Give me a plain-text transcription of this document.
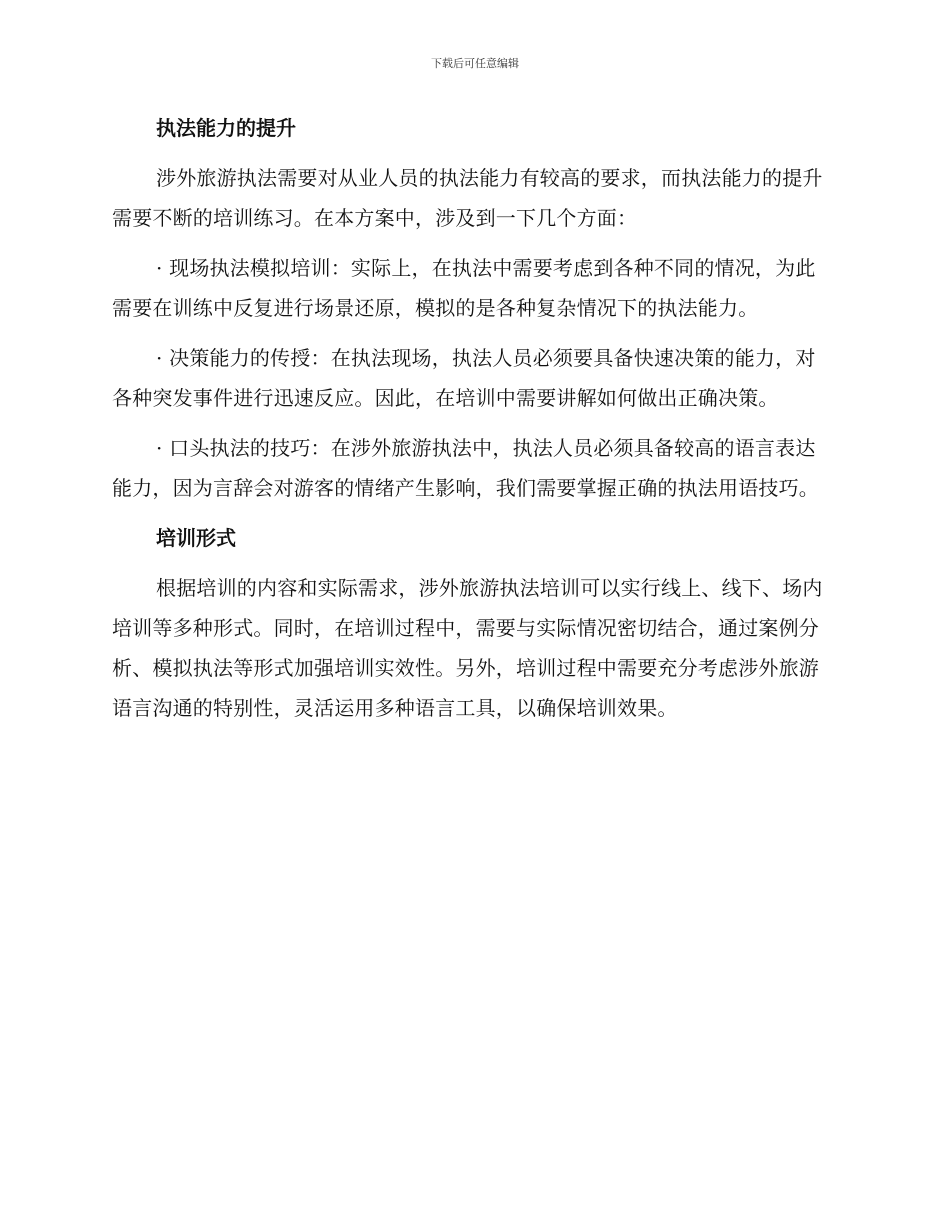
下载后可任意编辑
执法能力的提升

涉外旅游执法需要对从业人员的执法能力有较高的要求，而执法能力的提升需要不断的培训练习。在本方案中，涉及到一下几个方面：

· 现场执法模拟培训：实际上，在执法中需要考虑到各种不同的情况，为此需要在训练中反复进行场景还原，模拟的是各种复杂情况下的执法能力。

· 决策能力的传授：在执法现场，执法人员必须要具备快速决策的能力，对各种突发事件进行迅速反应。因此，在培训中需要讲解如何做出正确决策。

· 口头执法的技巧：在涉外旅游执法中，执法人员必须具备较高的语言表达能力，因为言辞会对游客的情绪产生影响，我们需要掌握正确的执法用语技巧。

培训形式

根据培训的内容和实际需求，涉外旅游执法培训可以实行线上、线下、场内培训等多种形式。同时，在培训过程中，需要与实际情况密切结合，通过案例分析、模拟执法等形式加强培训实效性。另外，培训过程中需要充分考虑涉外旅游语言沟通的特别性，灵活运用多种语言工具，以确保培训效果。
